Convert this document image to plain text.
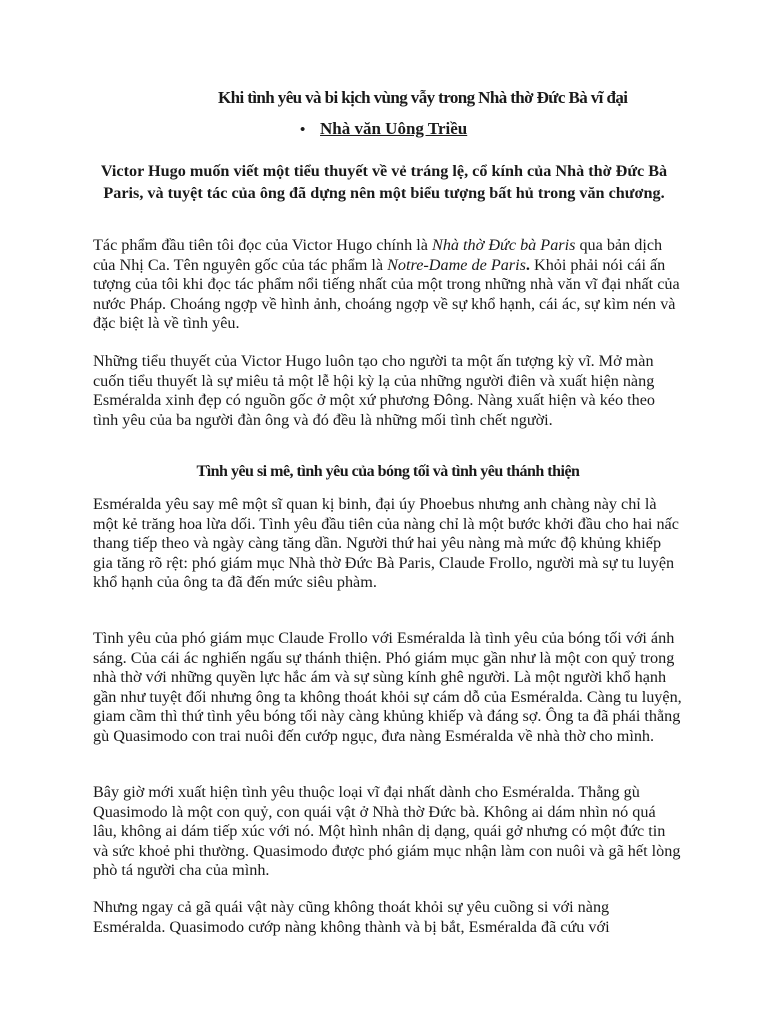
Khi tình yêu và bi kịch vùng vẫy trong Nhà thờ Đức Bà vĩ đại
• Nhà văn Uông Triều
Victor Hugo muốn viết một tiểu thuyết về vẻ tráng lệ, cổ kính của Nhà thờ Đức Bà Paris, và tuyệt tác của ông đã dựng nên một biểu tượng bất hủ trong văn chương.
Tác phẩm đầu tiên tôi đọc của Victor Hugo chính là Nhà thờ Đức bà Paris qua bản dịch của Nhị Ca. Tên nguyên gốc của tác phẩm là Notre-Dame de Paris. Khỏi phải nói cái ấn tượng của tôi khi đọc tác phẩm nổi tiếng nhất của một trong những nhà văn vĩ đại nhất của nước Pháp. Choáng ngợp về hình ảnh, choáng ngợp về sự khổ hạnh, cái ác, sự kìm nén và đặc biệt là về tình yêu.
Những tiểu thuyết của Victor Hugo luôn tạo cho người ta một ấn tượng kỳ vĩ. Mở màn cuốn tiểu thuyết là sự miêu tả một lễ hội kỳ lạ của những người điên và xuất hiện nàng Esméralda xinh đẹp có nguồn gốc ở một xứ phương Đông. Nàng xuất hiện và kéo theo tình yêu của ba người đàn ông và đó đều là những mối tình chết người.
Tình yêu si mê, tình yêu của bóng tối và tình yêu thánh thiện
Esméralda yêu say mê một sĩ quan kị binh, đại úy Phoebus nhưng anh chàng này chỉ là một kẻ trăng hoa lừa dối. Tình yêu đầu tiên của nàng chỉ là một bước khởi đầu cho hai nấc thang tiếp theo và ngày càng tăng dần. Người thứ hai yêu nàng mà mức độ khủng khiếp gia tăng rõ rệt: phó giám mục Nhà thờ Đức Bà Paris, Claude Frollo, người mà sự tu luyện khổ hạnh của ông ta đã đến mức siêu phàm.
Tình yêu của phó giám mục Claude Frollo với Esméralda là tình yêu của bóng tối với ánh sáng. Của cái ác nghiến ngấu sự thánh thiện. Phó giám mục gần như là một con quỷ trong nhà thờ với những quyền lực hắc ám và sự sùng kính ghê người. Là một người khổ hạnh gần như tuyệt đối nhưng ông ta không thoát khỏi sự cám dỗ của Esméralda. Càng tu luyện, giam cầm thì thứ tình yêu bóng tối này càng khủng khiếp và đáng sợ. Ông ta đã phái thằng gù Quasimodo con trai nuôi đến cướp ngục, đưa nàng Esméralda về nhà thờ cho mình.
Bây giờ mới xuất hiện tình yêu thuộc loại vĩ đại nhất dành cho Esméralda. Thằng gù Quasimodo là một con quỷ, con quái vật ở Nhà thờ Đức bà. Không ai dám nhìn nó quá lâu, không ai dám tiếp xúc với nó. Một hình nhân dị dạng, quái gở nhưng có một đức tin và sức khoẻ phi thường. Quasimodo được phó giám mục nhận làm con nuôi và gã hết lòng phò tá người cha của mình.
Nhưng ngay cả gã quái vật này cũng không thoát khỏi sự yêu cuồng si với nàng Esméralda. Quasimodo cướp nàng không thành và bị bắt, Esméralda đã cứu với
